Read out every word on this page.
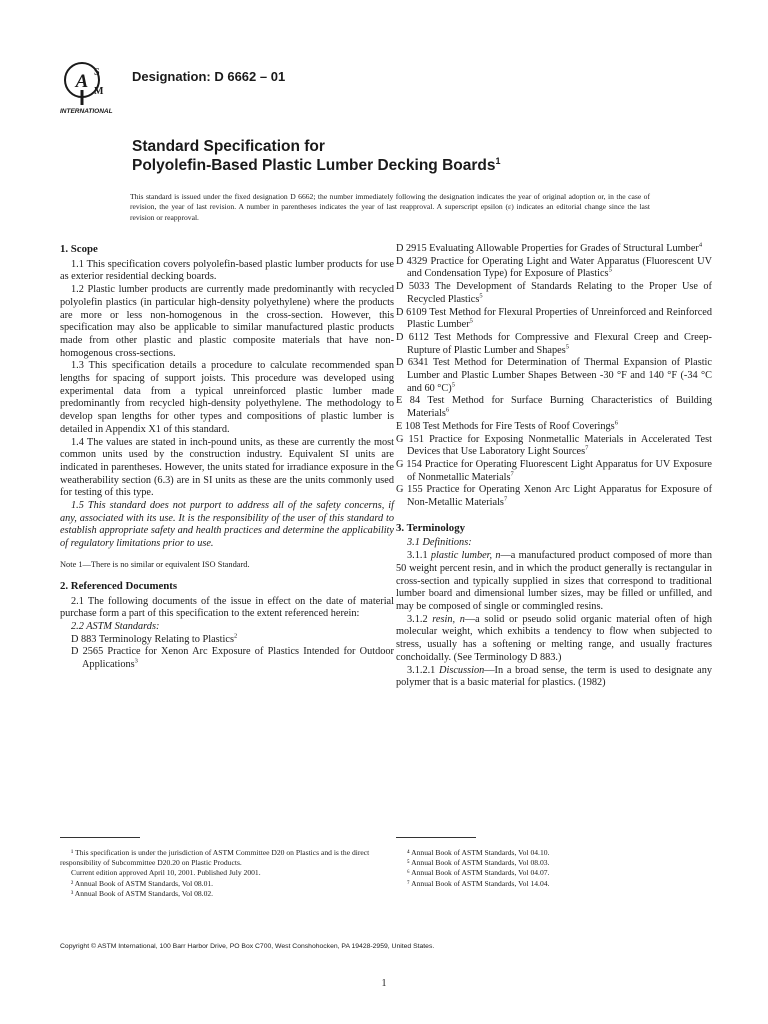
A S
M
INTERNATIONAL
Designation: D 6662 – 01
Standard Specification for
Polyolefin-Based Plastic Lumber Decking Boards$^1$
This standard is issued under the fixed designation D 6662; the number immediately following the designation indicates the year of original adoption or, in the case of revision, the year of last revision. A number in parentheses indicates the year of last reapproval. A superscript epsilon (ε) indicates an editorial change since the last revision or reapproval.
1. Scope

1.1 This specification covers polyolefin-based plastic lumber products for use as exterior residential decking boards.

1.2 Plastic lumber products are currently made predominantly with recycled polyolefin plastics (in particular high-density polyethylene) where the products are more or less non-homogenous in the cross-section. However, this specification may also be applicable to similar manufactured plastic products made from other plastic and plastic composite materials that have non-homogenous cross-sections.

1.3 This specification details a procedure to calculate recommended span lengths for spacing of support joists. This procedure was developed using experimental data from a typical unreinforced plastic lumber made predominantly from recycled high-density polyethylene. The methodology to develop span lengths for other types and compositions of plastic lumber is detailed in Appendix X1 of this standard.

1.4 The values are stated in inch-pound units, as these are currently the most common units used by the construction industry. Equivalent SI units are indicated in parentheses. However, the units stated for irradiance exposure in the weatherability section (6.3) are in SI units as these are the units commonly used for testing of this type.

1.5 This standard does not purport to address all of the safety concerns, if any, associated with its use. It is the responsibility of the user of this standard to establish appropriate safety and health practices and determine the applicability of regulatory limitations prior to use.

Note 1—There is no similar or equivalent ISO Standard.

2. Referenced Documents

2.1 The following documents of the issue in effect on the date of material purchase form a part of this specification to the extent referenced herein:

2.2 ASTM Standards:

D 883 Terminology Relating to Plastics$^2$
D 2565 Practice for Xenon Arc Exposure of Plastics Intended for Outdoor Applications$^3$
D 2915 Evaluating Allowable Properties for Grades of Structural Lumber$^4$
D 4329 Practice for Operating Light and Water Apparatus (Fluorescent UV and Condensation Type) for Exposure of Plastics$^5$
D 5033 The Development of Standards Relating to the Proper Use of Recycled Plastics$^5$
D 6109 Test Method for Flexural Properties of Unreinforced and Reinforced Plastic Lumber$^5$
D 6112 Test Methods for Compressive and Flexural Creep and Creep-Rupture of Plastic Lumber and Shapes$^5$
D 6341 Test Method for Determination of Thermal Expansion of Plastic Lumber and Plastic Lumber Shapes Between -30 °F and 140 °F (-34 °C and 60 °C)$^5$
E 84 Test Method for Surface Burning Characteristics of Building Materials$^6$
E 108 Test Methods for Fire Tests of Roof Coverings$^6$
G 151 Practice for Exposing Nonmetallic Materials in Accelerated Test Devices that Use Laboratory Light Sources$^7$
G 154 Practice for Operating Fluorescent Light Apparatus for UV Exposure of Nonmetallic Materials$^7$
G 155 Practice for Operating Xenon Arc Light Apparatus for Exposure of Non-Metallic Materials$^7$
3. Terminology

3.1 Definitions:

3.1.1 plastic lumber, n—a manufactured product composed of more than 50 weight percent resin, and in which the product generally is rectangular in cross-section and typically supplied in sizes that correspond to traditional lumber board and dimensional lumber sizes, may be filled or unfilled, and may be composed of single or commingled resins.

3.1.2 resin, n—a solid or pseudo solid organic material often of high molecular weight, which exhibits a tendency to flow when subjected to stress, usually has a softening or melting range, and usually fractures conchoidally. (See Terminology D 883.)

3.1.2.1 Discussion—In a broad sense, the term is used to designate any polymer that is a basic material for plastics. (1982)

¹ This specification is under the jurisdiction of ASTM Committee D20 on Plastics and is the direct responsibility of Subcommittee D20.20 on Plastic Products.
Current edition approved April 10, 2001. Published July 2001.
² Annual Book of ASTM Standards, Vol 08.01.
³ Annual Book of ASTM Standards, Vol 08.02.
⁴ Annual Book of ASTM Standards, Vol 04.10.
⁵ Annual Book of ASTM Standards, Vol 08.03.
⁶ Annual Book of ASTM Standards, Vol 04.07.
⁷ Annual Book of ASTM Standards, Vol 14.04.
Copyright © ASTM International, 100 Barr Harbor Drive, PO Box C700, West Conshohocken, PA 19428-2959, United States.
1
